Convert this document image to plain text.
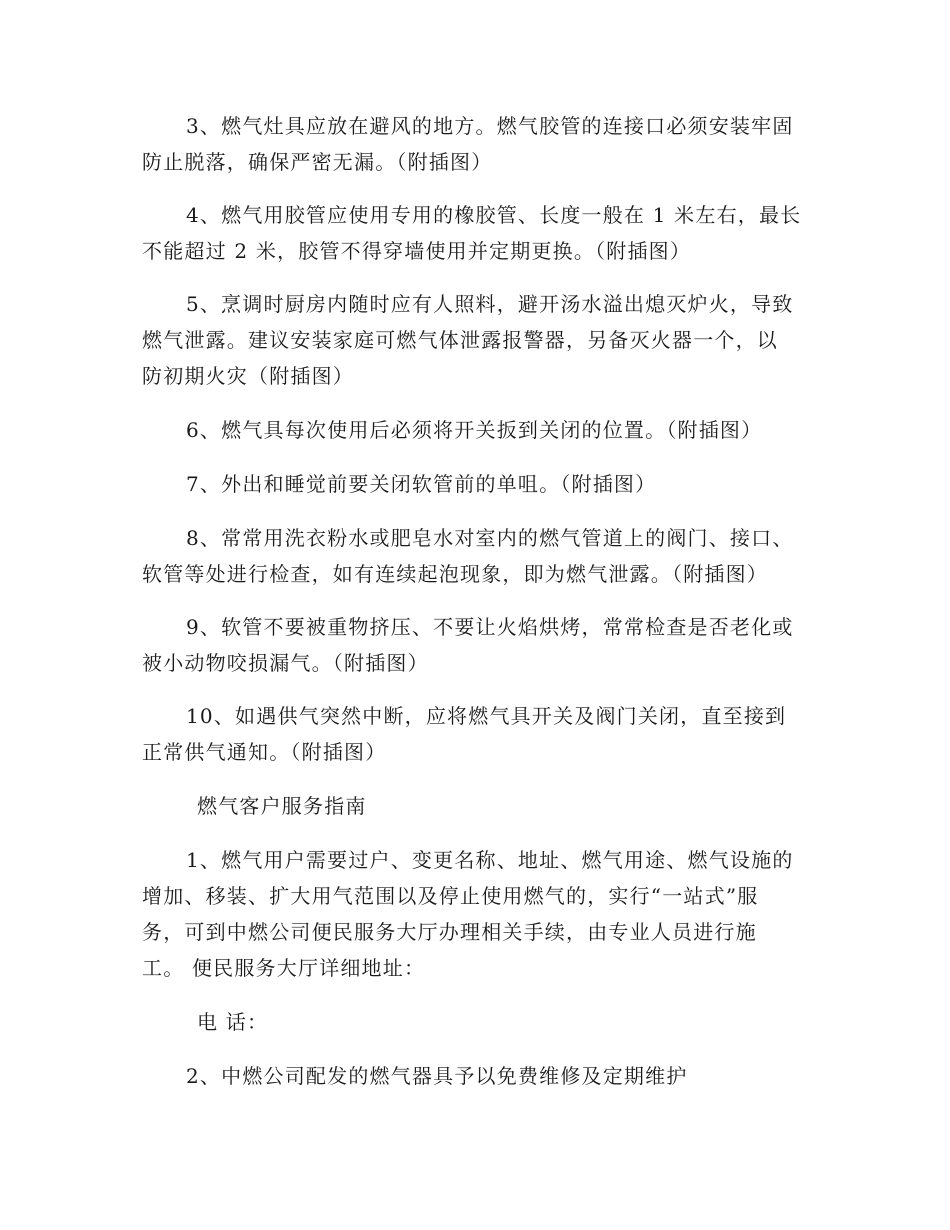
3、燃气灶具应放在避风的地方。燃气胶管的连接口必须安装牢固
防止脱落，确保严密无漏。（附插图）
4、燃气用胶管应使用专用的橡胶管、长度一般在 1 米左右，最长
不能超过 2 米，胶管不得穿墙使用并定期更换。（附插图）
5、烹调时厨房内随时应有人照料，避开汤水溢出熄灭炉火，导致
燃气泄露。建议安装家庭可燃气体泄露报警器，另备灭火器一个，以
防初期火灾（附插图）
6、燃气具每次使用后必须将开关扳到关闭的位置。（附插图）
7、外出和睡觉前要关闭软管前的单咀。（附插图）
8、常常用洗衣粉水或肥皂水对室内的燃气管道上的阀门、接口、
软管等处进行检查，如有连续起泡现象，即为燃气泄露。（附插图）
9、软管不要被重物挤压、不要让火焰烘烤，常常检查是否老化或
被小动物咬损漏气。（附插图）
10、如遇供气突然中断，应将燃气具开关及阀门关闭，直至接到
正常供气通知。（附插图）
燃气客户服务指南
1、燃气用户需要过户、变更名称、地址、燃气用途、燃气设施的
增加、移装、扩大用气范围以及停止使用燃气的，实行“一站式”服
务，可到中燃公司便民服务大厅办理相关手续，由专业人员进行施
工。 便民服务大厅详细地址：
电 话：
2、中燃公司配发的燃气器具予以免费维修及定期维护
